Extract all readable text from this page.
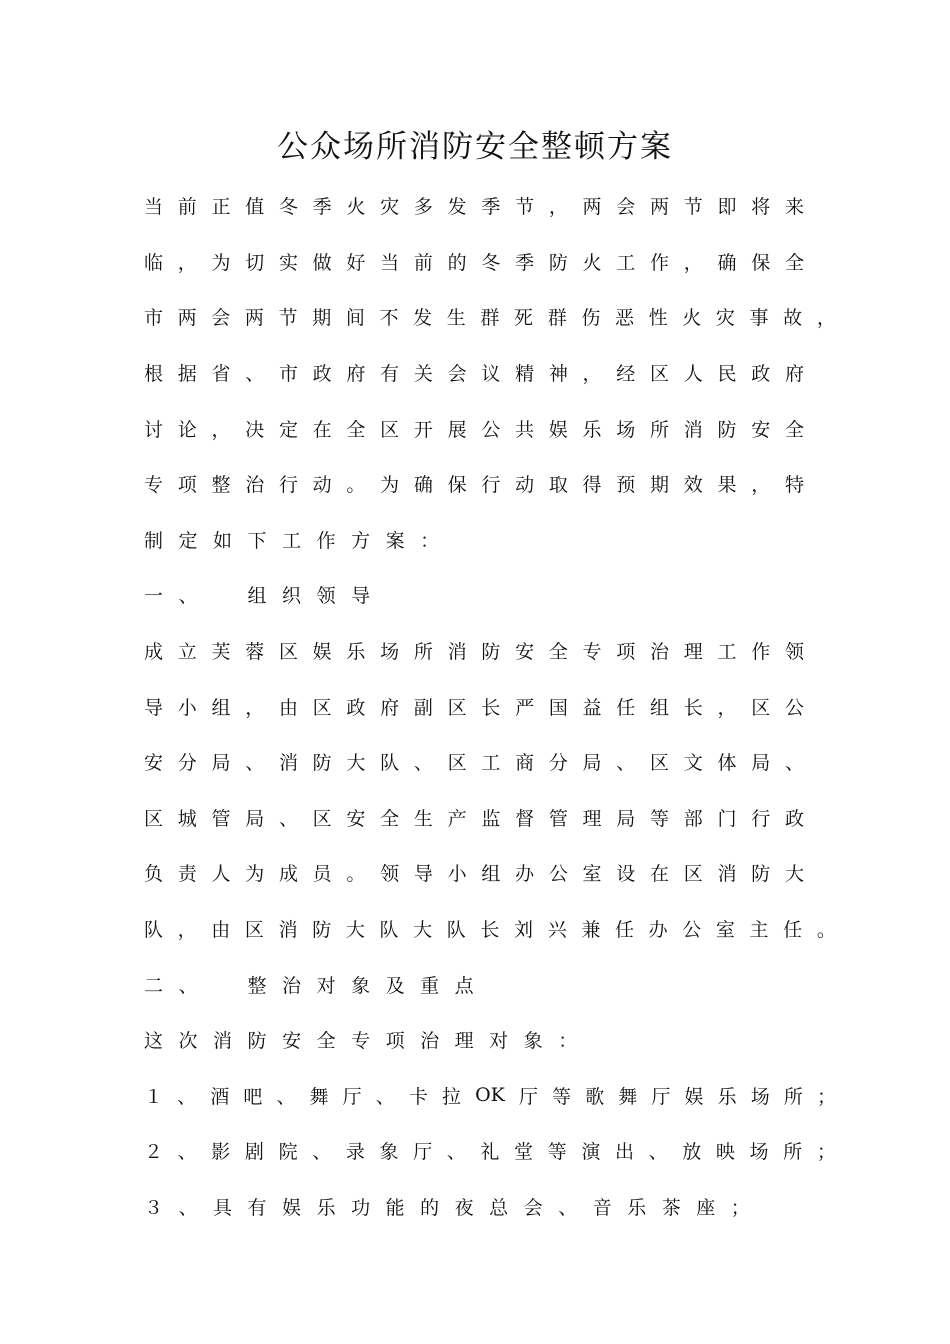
公众场所消防安全整顿方案
当 前 正 值 冬 季 火 灾 多 发 季 节 ， 两 会 两 节 即 将 来
临 ， 为 切 实 做 好 当 前 的 冬 季 防 火 工 作 ， 确 保 全
市 两 会 两 节 期 间 不 发 生 群 死 群 伤 恶 性 火 灾 事 故 ，
根 据 省 、 市 政 府 有 关 会 议 精 神 ， 经 区 人 民 政 府
讨 论 ， 决 定 在 全 区 开 展 公 共 娱 乐 场 所 消 防 安 全
专 项 整 治 行 动 。 为 确 保 行 动 取 得 预 期 效 果 ， 特
制 定 如 下 工 作 方 案 ：
一 、
	组 织 领 导
成 立 芙 蓉 区 娱 乐 场 所 消 防 安 全 专 项 治 理 工 作 领
导 小 组 ， 由 区 政 府 副 区 长 严 国 益 任 组 长 ， 区 公
安 分 局 、 消 防 大 队 、 区 工 商 分 局 、 区 文 体 局 、
区 城 管 局 、 区 安 全 生 产 监 督 管 理 局 等 部 门 行 政
负 责 人 为 成 员 。 领 导 小 组 办 公 室 设 在 区 消 防 大
队 ， 由 区 消 防 大 队 大 队 长 刘 兴 兼 任 办 公 室 主 任 。
二 、
	整 治 对 象 及 重 点
这 次 消 防 安 全 专 项 治 理 对 象 ：
１ 、 酒 吧 、 舞 厅 、 卡 拉 OK 厅 等 歌 舞 厅 娱 乐 场 所 ；
２ 、 影 剧 院 、 录 象 厅 、 礼 堂 等 演 出 、 放 映 场 所 ；
３ 、 具 有 娱 乐 功 能 的 夜 总 会 、 音 乐 茶 座 ；
